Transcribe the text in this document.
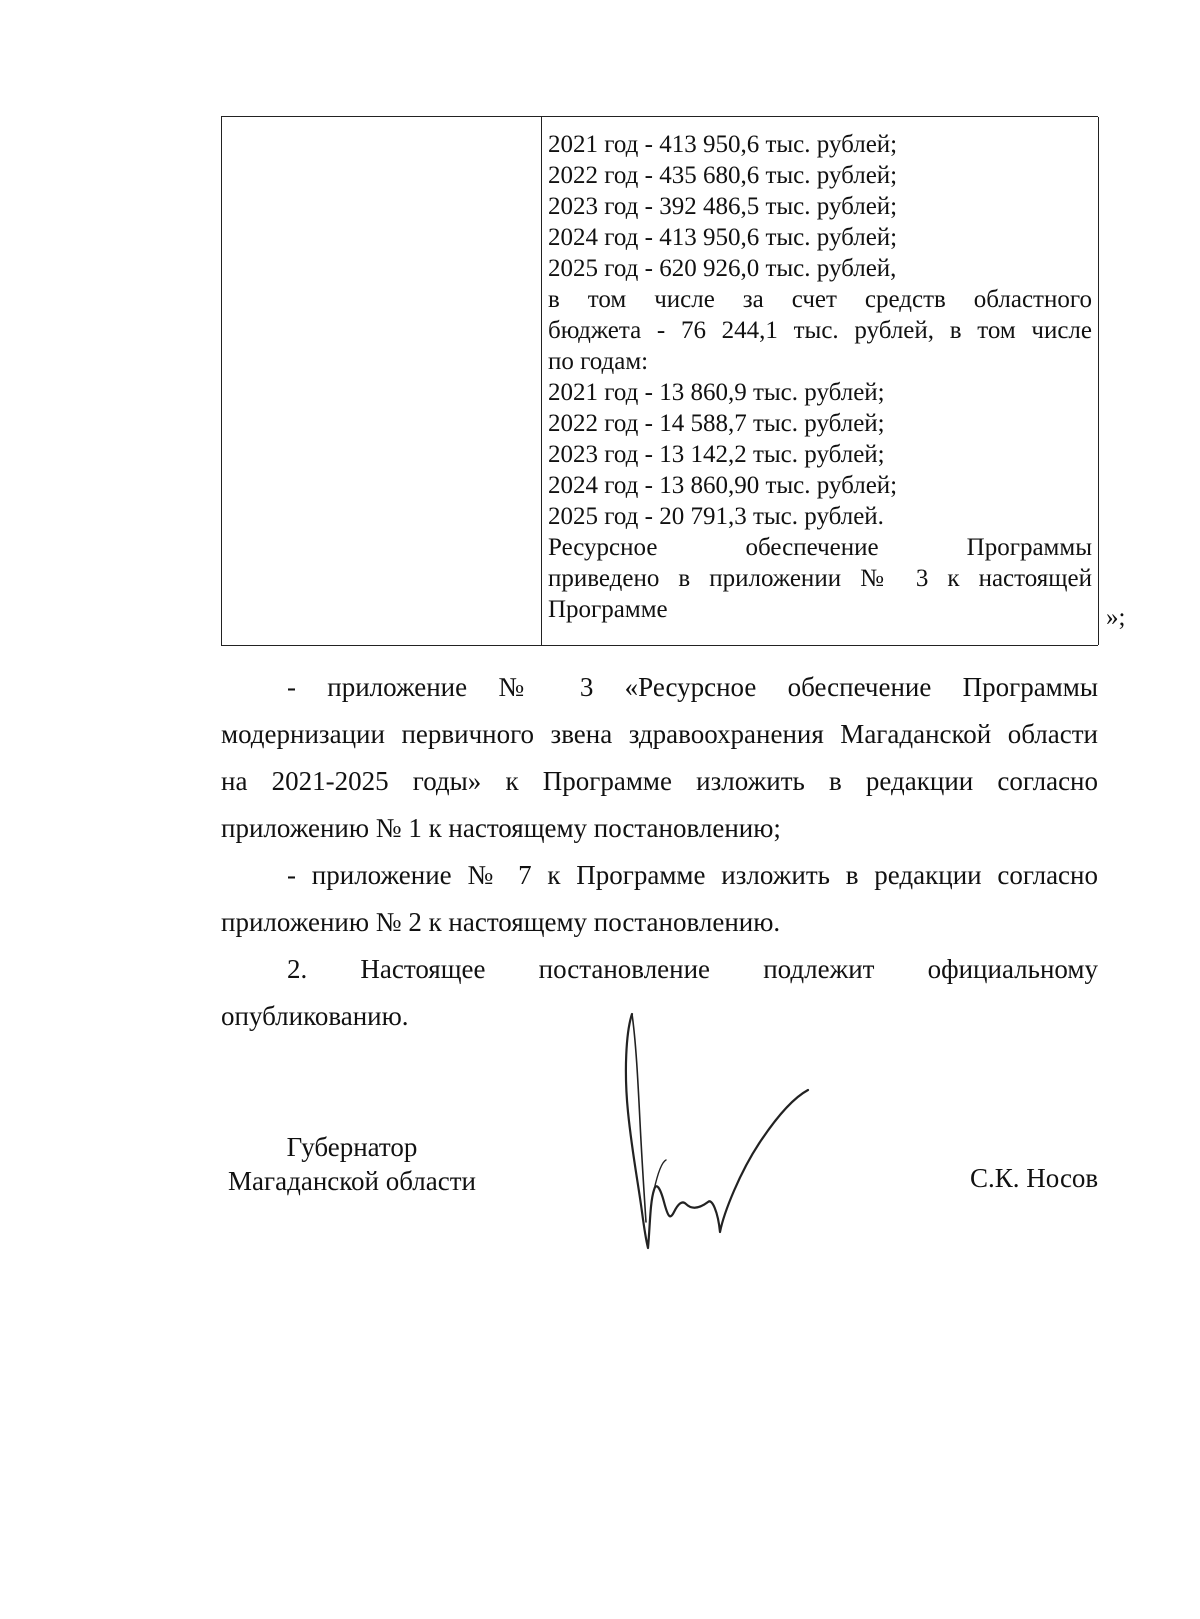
2021 год - 413 950,6 тыс. рублей;
2022 год - 435 680,6 тыс. рублей;
2023 год - 392 486,5 тыс. рублей;
2024 год - 413 950,6 тыс. рублей;
2025 год - 620 926,0 тыс. рублей,
в том числе за счет средств областного
бюджета - 76 244,1 тыс. рублей, в том числе
по годам:
2021 год - 13 860,9 тыс. рублей;
2022 год - 14 588,7 тыс. рублей;
2023 год - 13 142,2 тыс. рублей;
2024 год - 13 860,90 тыс. рублей;
2025 год - 20 791,3 тыс. рублей.
Ресурсное обеспечение Программы
приведено в приложении № 3 к настоящей
Программе	»;
- приложение № 3 «Ресурсное обеспечение Программы
модернизации первичного звена здравоохранения Магаданской области
на 2021-2025 годы» к Программе изложить в редакции согласно
приложению № 1 к настоящему постановлению;
- приложение № 7 к Программе изложить в редакции согласно
приложению № 2 к настоящему постановлению.
2. Настоящее постановление подлежит официальному
опубликованию.
Губернатор
Магаданской области	С.К. Носов
